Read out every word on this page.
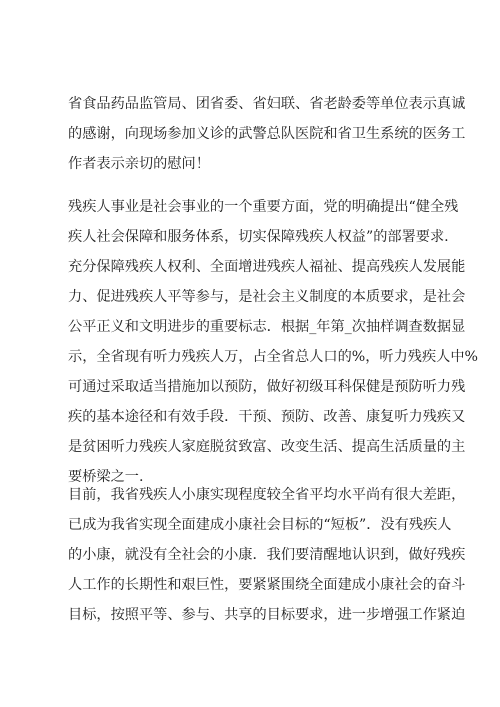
省食品药品监管局、团省委、省妇联、省老龄委等单位表示真诚
的感谢，向现场参加义诊的武警总队医院和省卫生系统的医务工
作者表示亲切的慰问！
残疾人事业是社会事业的一个重要方面，党的明确提出“健全残
疾人社会保障和服务体系，切实保障残疾人权益”的部署要求.
充分保障残疾人权利、全面增进残疾人福祉、提高残疾人发展能
力、促进残疾人平等参与，是社会主义制度的本质要求，是社会
公平正义和文明进步的重要标志．根据_年第_次抽样调查数据显
示，全省现有听力残疾人万，占全省总人口的%，听力残疾人中%
可通过采取适当措施加以预防，做好初级耳科保健是预防听力残
疾的基本途径和有效手段．干预、预防、改善、康复听力残疾又
是贫困听力残疾人家庭脱贫致富、改变生活、提高生活质量的主
要桥梁之一.
目前，我省残疾人小康实现程度较全省平均水平尚有很大差距，
已成为我省实现全面建成小康社会目标的“短板”．没有残疾人
的小康，就没有全社会的小康．我们要清醒地认识到，做好残疾
人工作的长期性和艰巨性，要紧紧围绕全面建成小康社会的奋斗
目标，按照平等、参与、共享的目标要求，进一步增强工作紧迫
